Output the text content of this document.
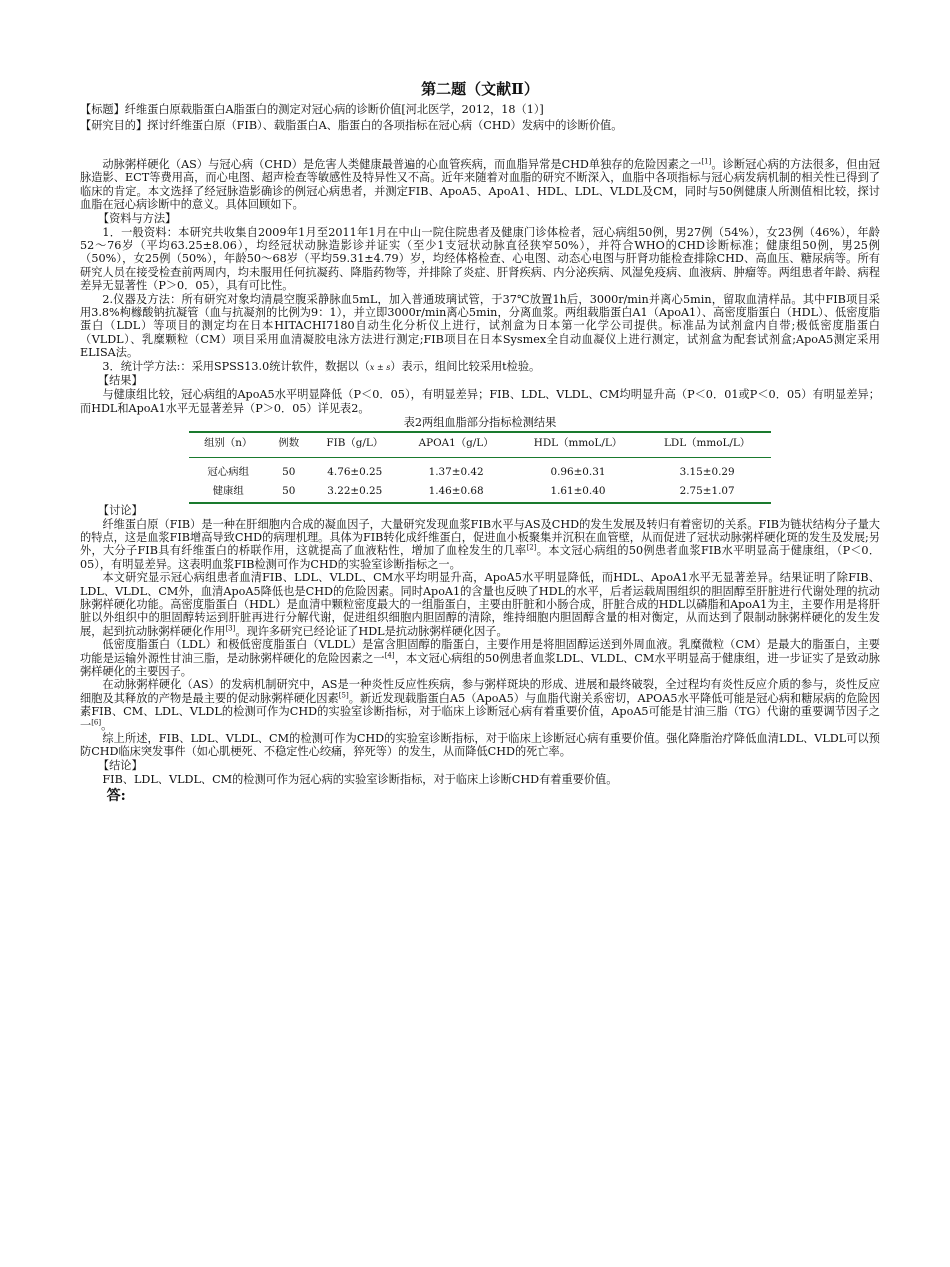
第二题（文献Ⅱ）

【标题】纤维蛋白原载脂蛋白A脂蛋白的测定对冠心病的诊断价值[河北医学，2012，18（1）]

【研究目的】探讨纤维蛋白原（FIB）、载脂蛋白A、脂蛋白的各项指标在冠心病（CHD）发病中的诊断价值。

动脉粥样硬化（AS）与冠心病（CHD）是危害人类健康最普遍的心血管疾病，而血脂异常是CHD单独存的危险因素之一[1]。诊断冠心病的方法很多，但由冠脉造影、ECT等费用高，而心电图、超声检查等敏感性及特异性又不高。近年来随着对血脂的研究不断深入，血脂中各项指标与冠心病发病机制的相关性已得到了临床的肯定。本文选择了经冠脉造影确诊的例冠心病患者，并测定FIB、ApoA5、ApoA1、HDL、LDL、VLDL及CM，同时与50例健康人所测值相比较，探讨血脂在冠心病诊断中的意义。具体回顾如下。

【资料与方法】

1．一般资料：本研究共收集自2009年1月至2011年1月在中山一院住院患者及健康门诊体检者，冠心病组50例，男27例（54%），女23例（46%），年龄52～76岁（平均63.25±8.06），均经冠状动脉造影诊并证实（至少1支冠状动脉直径狭窄50%），并符合WHO的CHD诊断标准；健康组50例，男25例（50%），女25例（50%），年龄50～68岁（平均59.31±4.79）岁，均经体格检查、心电图、动态心电图与肝肾功能检查排除CHD、高血压、糖尿病等。所有研究人员在接受检查前两周内，均未服用任何抗凝药、降脂药物等，并排除了炎症、肝肾疾病、内分泌疾病、风湿免疫病、血液病、肿瘤等。两组患者年龄、病程差异无显著性（P＞0．05），具有可比性。

2.仪器及方法：所有研究对象均清晨空腹采静脉血5mL，加入普通玻璃试管，于37℃放置1h后，3000r/min并离心5min，留取血清样品。其中FIB项目采用3.8%枸橼酸钠抗凝管（血与抗凝剂的比例为9：1），并立即3000r/min离心5min，分离血浆。两组载脂蛋白A1（ApoA1）、高密度脂蛋白（HDL）、低密度脂蛋白（LDL）等项目的测定均在日本HITACHI7180自动生化分析仪上进行，试剂盒为日本第一化学公司提供。标准品为试剂盒内自带;极低密度脂蛋白（VLDL）、乳糜颗粒（CM）项目采用血清凝胶电泳方法进行测定;FIB项目在日本Sysmex全自动血凝仪上进行测定，试剂盒为配套试剂盒;ApoA5测定采用ELISA法。

3．统计学方法:：采用SPSS13.0统计软件，数据以（x ± s）表示，组间比较采用t检验。

【结果】

与健康组比较，冠心病组的ApoA5水平明显降低（P＜0．05），有明显差异；FIB、LDL、VLDL、CM均明显升高（P＜0．01或P＜0．05）有明显差异；而HDL和ApoA1水平无显著差异（P＞0．05）详见表2。

表2两组血脂部分指标检测结果
组别（n）	例数	FIB（g/L）	APOA1（g/L）	HDL（mmoL/L）	LDL（mmoL/L）
冠心病组	50	4.76±0.25	1.37±0.42	0.96±0.31	3.15±0.29
健康组	50	3.22±0.25	1.46±0.68	1.61±0.40	2.75±1.07

【讨论】

纤维蛋白原（FIB）是一种在肝细胞内合成的凝血因子，大量研究发现血浆FIB水平与AS及CHD的发生发展及转归有着密切的关系。FIB为链状结构分子量大的特点，这是血浆FIB增高导致CHD的病理机理。具体为FIB转化成纤维蛋白，促进血小板聚集并沉积在血管壁，从而促进了冠状动脉粥样硬化斑的发生及发展;另外，大分子FIB具有纤维蛋白的桥联作用，这就提高了血液粘性，增加了血栓发生的几率[2]。本文冠心病组的50例患者血浆FIB水平明显高于健康组，（P＜0．05），有明显差异。这表明血浆FIB检测可作为CHD的实验室诊断指标之一。

本文研究显示冠心病组患者血清FIB、LDL、VLDL、CM水平均明显升高，ApoA5水平明显降低，而HDL、ApoA1水平无显著差异。结果证明了除FIB、LDL、VLDL、CM外，血清ApoA5降低也是CHD的危险因素。同时ApoA1的含量也反映了HDL的水平，后者运载周围组织的胆固醇至肝脏进行代谢处理的抗动脉粥样硬化功能。高密度脂蛋白（HDL）是血清中颗粒密度最大的一组脂蛋白，主要由肝脏和小肠合成，肝脏合成的HDL以磷脂和ApoA1为主，主要作用是将肝脏以外组织中的胆固醇转运到肝脏再进行分解代谢，促进组织细胞内胆固醇的清除，维持细胞内胆固醇含量的相对衡定，从而达到了限制动脉粥样硬化的发生发展，起到抗动脉粥样硬化作用[3]。现许多研究已经论证了HDL是抗动脉粥样硬化因子。

低密度脂蛋白（LDL）和极低密度脂蛋白（VLDL）是富含胆固醇的脂蛋白，主要作用是将胆固醇运送到外周血液。乳糜微粒（CM）是最大的脂蛋白，主要功能是运输外源性甘油三脂，是动脉粥样硬化的危险因素之一[4]，本文冠心病组的50例患者血浆LDL、VLDL、CM水平明显高于健康组，进一步证实了是致动脉粥样硬化的主要因子。

在动脉粥样硬化（AS）的发病机制研究中，AS是一种炎性反应性疾病，参与粥样斑块的形成、进展和最终破裂，全过程均有炎性反应介质的参与，炎性反应细胞及其释放的产物是最主要的促动脉粥样硬化因素[5]。新近发现载脂蛋白A5（ApoA5）与血脂代谢关系密切，APOA5水平降低可能是冠心病和糖尿病的危险因素FIB、CM、LDL、VLDL的检测可作为CHD的实验室诊断指标，对于临床上诊断冠心病有着重要价值，ApoA5可能是甘油三脂（TG）代谢的重要调节因子之一[6]。

综上所述，FIB、LDL、VLDL、CM的检测可作为CHD的实验室诊断指标，对于临床上诊断冠心病有重要价值。强化降脂治疗降低血清LDL、VLDL可以预防CHD临床突发事件（如心肌梗死、不稳定性心绞痛，猝死等）的发生，从而降低CHD的死亡率。

【结论】

FIB、LDL、VLDL、CM的检测可作为冠心病的实验室诊断指标，对于临床上诊断CHD有着重要价值。

答:
